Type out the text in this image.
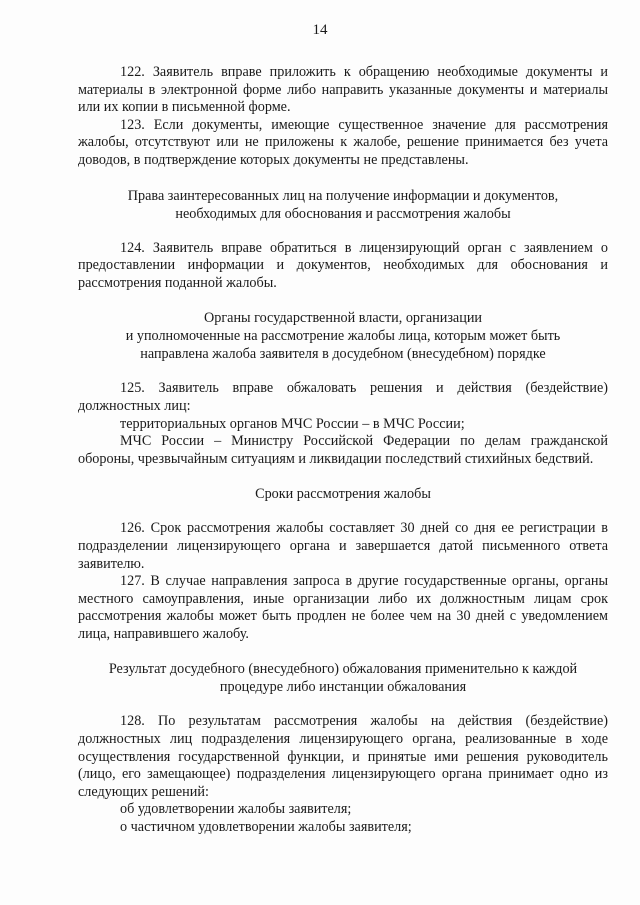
14

122. Заявитель вправе приложить к обращению необходимые документы и материалы в электронной форме либо направить указанные документы и материалы или их копии в письменной форме.

123. Если документы, имеющие существенное значение для рассмотрения жалобы, отсутствуют или не приложены к жалобе, решение принимается без учета доводов, в подтверждение которых документы не представлены.

Права заинтересованных лиц на получение информации и документов,

необходимых для обоснования и рассмотрения жалобы

124. Заявитель вправе обратиться в лицензирующий орган с заявлением о предоставлении информации и документов, необходимых для обоснования и рассмотрения поданной жалобы.

Органы государственной власти, организации

и уполномоченные на рассмотрение жалобы лица, которым может быть

направлена жалоба заявителя в досудебном (внесудебном) порядке

125. Заявитель вправе обжаловать решения и действия (бездействие) должностных лиц:

территориальных органов МЧС России – в МЧС России;

МЧС России – Министру Российской Федерации по делам гражданской обороны, чрезвычайным ситуациям и ликвидации последствий стихийных бедствий.

Сроки рассмотрения жалобы

126. Срок рассмотрения жалобы составляет 30 дней со дня ее регистрации в подразделении лицензирующего органа и завершается датой письменного ответа заявителю.

127. В случае направления запроса в другие государственные органы, органы местного самоуправления, иные организации либо их должностным лицам срок рассмотрения жалобы может быть продлен не более чем на 30 дней с уведомлением лица, направившего жалобу.

Результат досудебного (внесудебного) обжалования применительно к каждой

процедуре либо инстанции обжалования

128. По результатам рассмотрения жалобы на действия (бездействие) должностных лиц подразделения лицензирующего органа, реализованные в ходе осуществления государственной функции, и принятые ими решения руководитель (лицо, его замещающее) подразделения лицензирующего органа принимает одно из следующих решений:

об удовлетворении жалобы заявителя;

о частичном удовлетворении жалобы заявителя;
